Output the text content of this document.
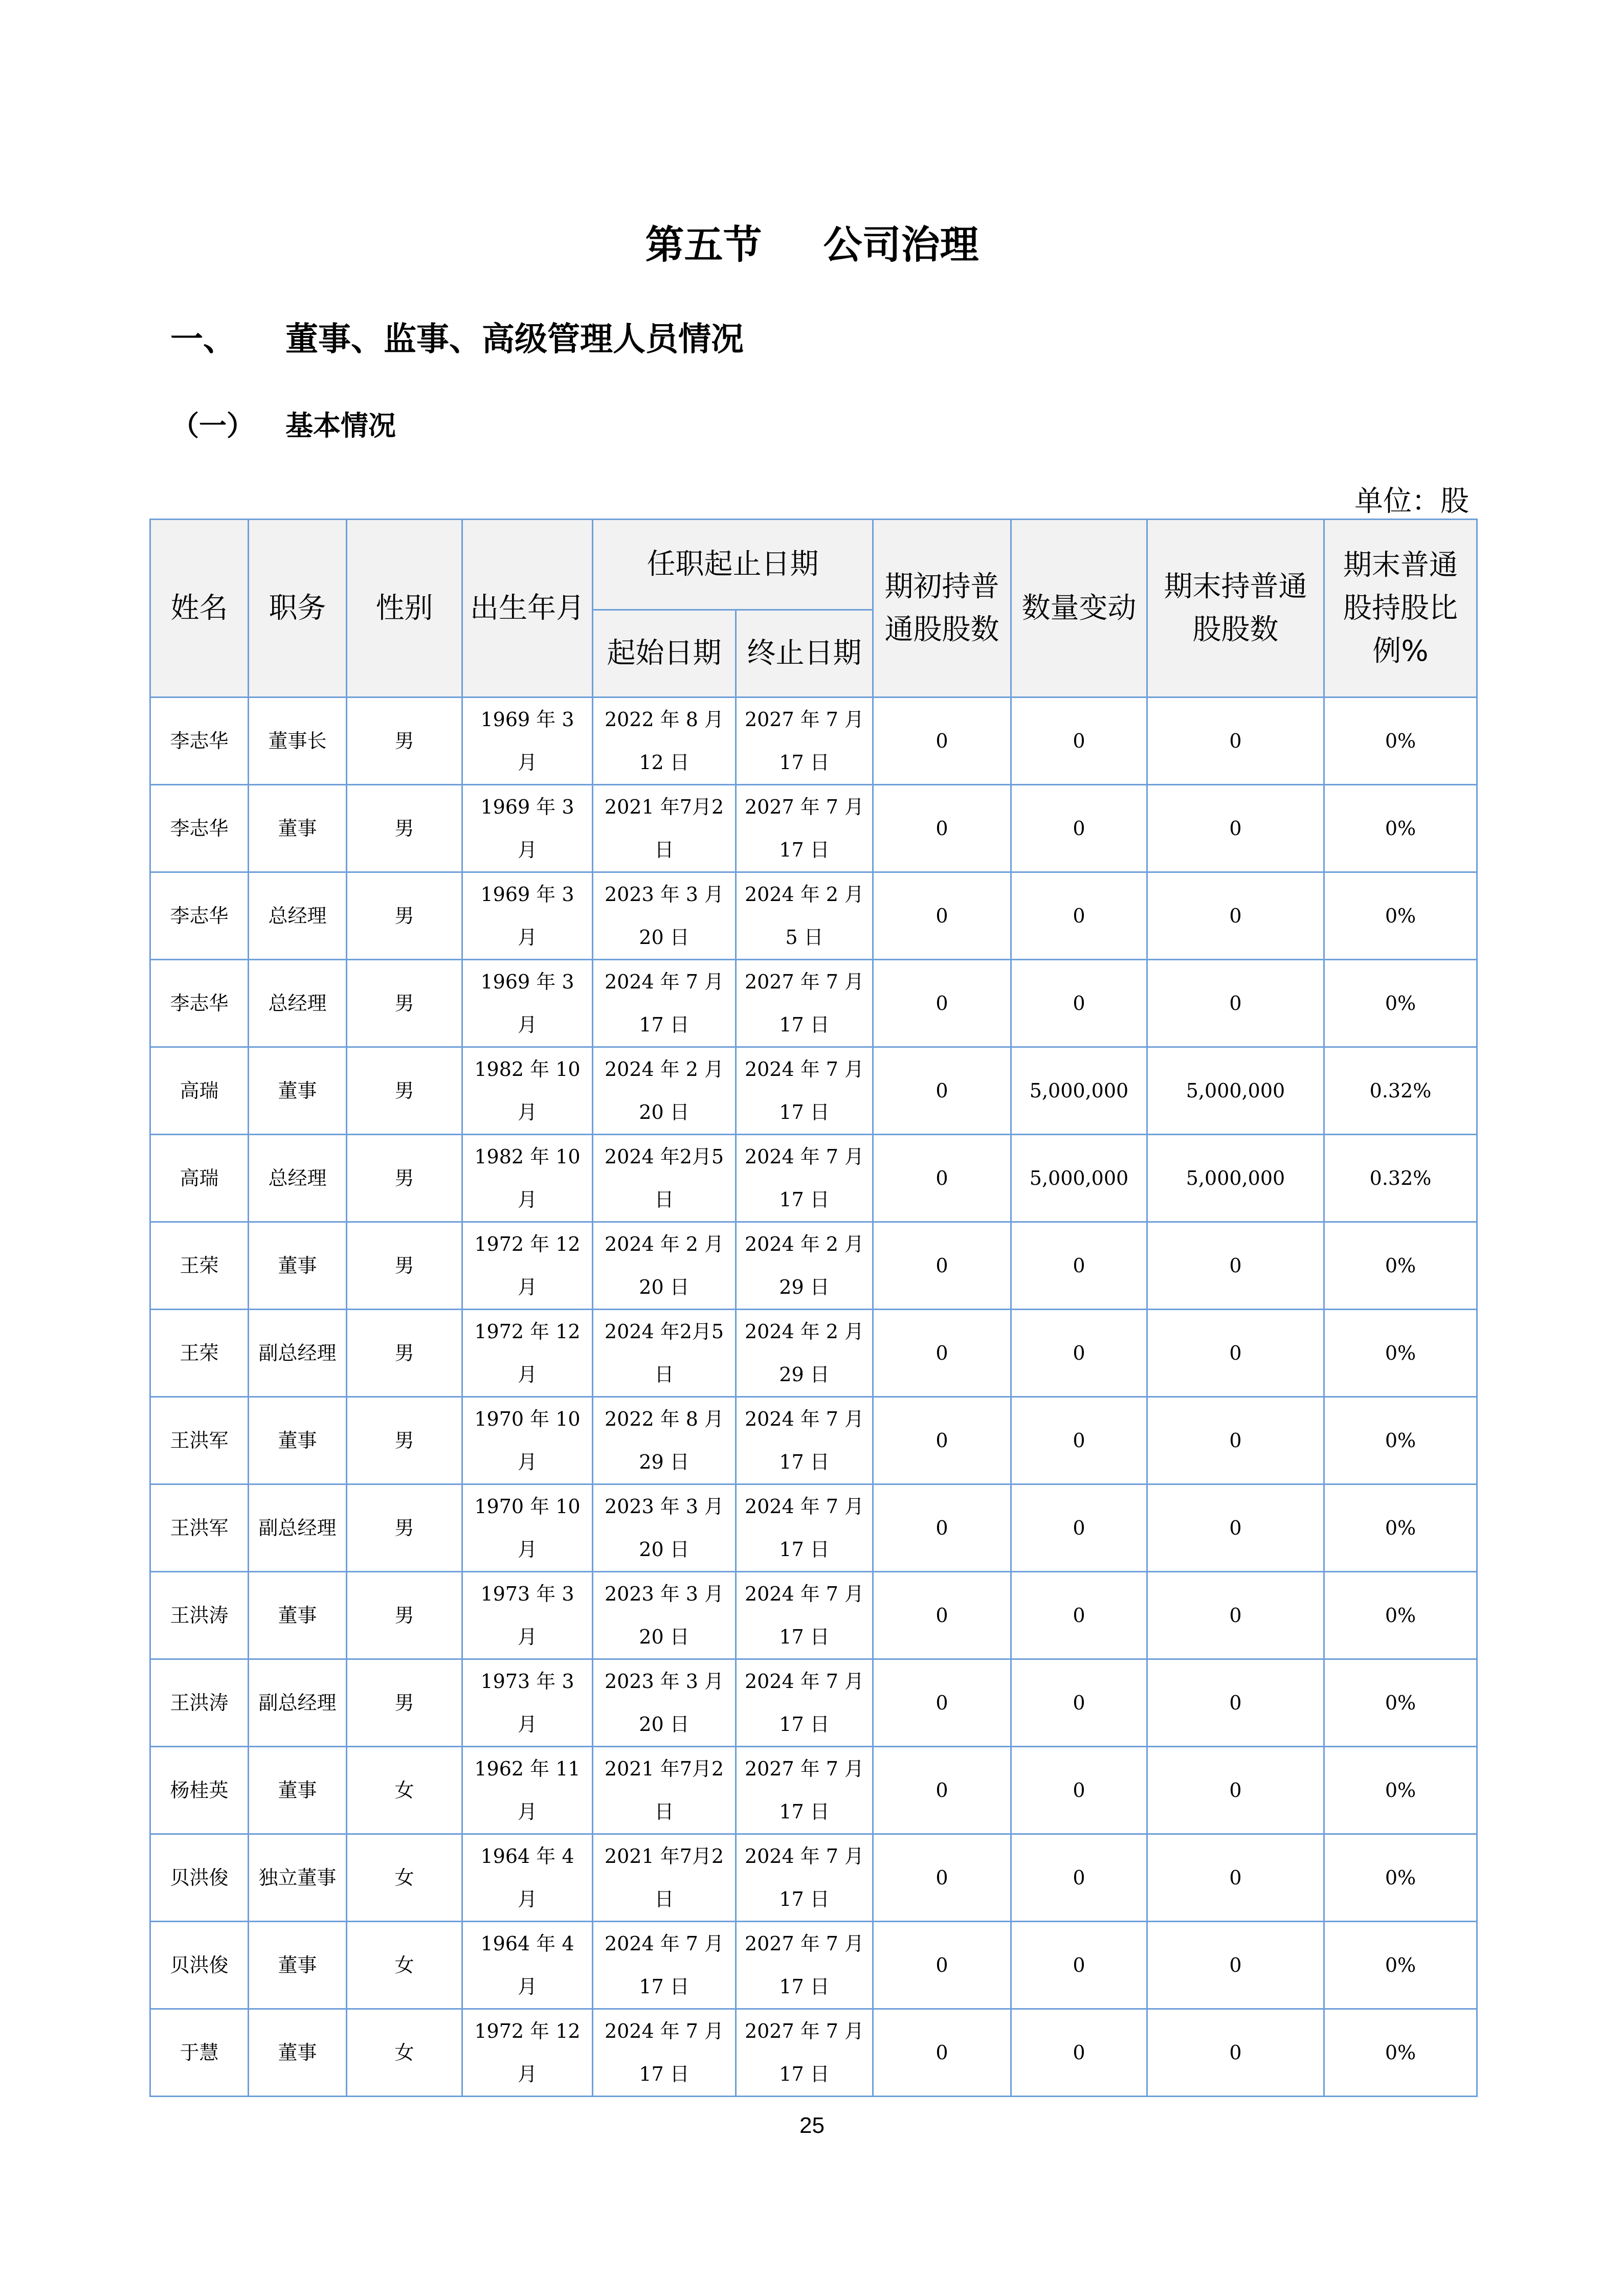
第五节 公司治理
一、 董事、监事、高级管理人员情况
（一） 基本情况
单位：股
姓名	职务	性别	出生年月	任职起止日期		期初持普通股股数	数量变动	期末持普通股股数	期末普通股持股比例%
				起始日期	终止日期				
李志华	董事长	男	1969 年 3 月	2022 年 8 月 12 日	2027 年 7 月 17 日	0	0	0	0%
李志华	董事	男	1969 年 3 月	2021 年7月2 日	2027 年 7 月 17 日	0	0	0	0%
李志华	总经理	男	1969 年 3 月	2023 年 3 月 20 日	2024 年 2 月 5 日	0	0	0	0%
李志华	总经理	男	1969 年 3 月	2024 年 7 月 17 日	2027 年 7 月 17 日	0	0	0	0%
高瑞	董事	男	1982 年 10 月	2024 年 2 月 20 日	2024 年 7 月 17 日	0	5,000,000	5,000,000	0.32%
高瑞	总经理	男	1982 年 10 月	2024 年2月5 日	2024 年 7 月 17 日	0	5,000,000	5,000,000	0.32%
王荣	董事	男	1972 年 12 月	2024 年 2 月 20 日	2024 年 2 月 29 日	0	0	0	0%
王荣	副总经理	男	1972 年 12 月	2024 年2月5 日	2024 年 2 月 29 日	0	0	0	0%
王洪军	董事	男	1970 年 10 月	2022 年 8 月 29 日	2024 年 7 月 17 日	0	0	0	0%
王洪军	副总经理	男	1970 年 10 月	2023 年 3 月 20 日	2024 年 7 月 17 日	0	0	0	0%
王洪涛	董事	男	1973 年 3 月	2023 年 3 月 20 日	2024 年 7 月 17 日	0	0	0	0%
王洪涛	副总经理	男	1973 年 3 月	2023 年 3 月 20 日	2024 年 7 月 17 日	0	0	0	0%
杨桂英	董事	女	1962 年 11 月	2021 年7月2 日	2027 年 7 月 17 日	0	0	0	0%
贝洪俊	独立董事	女	1964 年 4 月	2021 年7月2 日	2024 年 7 月 17 日	0	0	0	0%
贝洪俊	董事	女	1964 年 4 月	2024 年 7 月 17 日	2027 年 7 月 17 日	0	0	0	0%
于慧	董事	女	1972 年 12 月	2024 年 7 月 17 日	2027 年 7 月 17 日	0	0	0	0%
25
